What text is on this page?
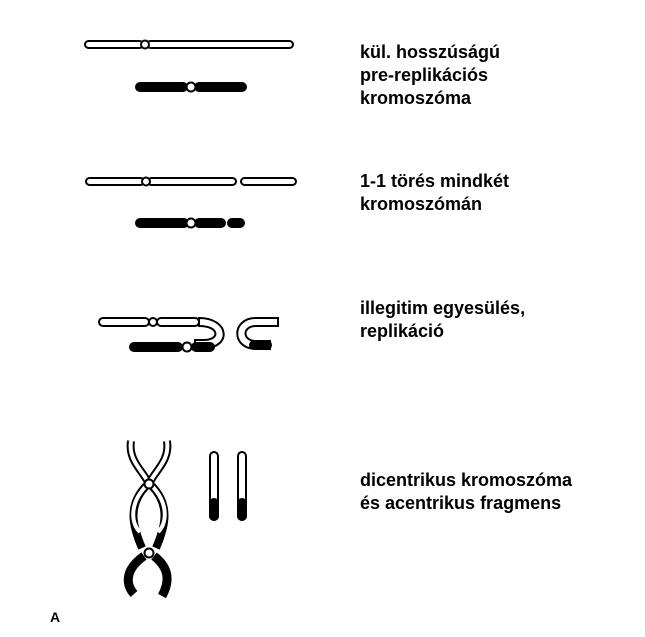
kül. hosszúságú
pre-replikációs
kromoszóma
1-1 törés mindkét
kromoszómán
illegitim egyesülés,
replikáció
dicentrikus kromoszóma
és acentrikus fragmens
A
